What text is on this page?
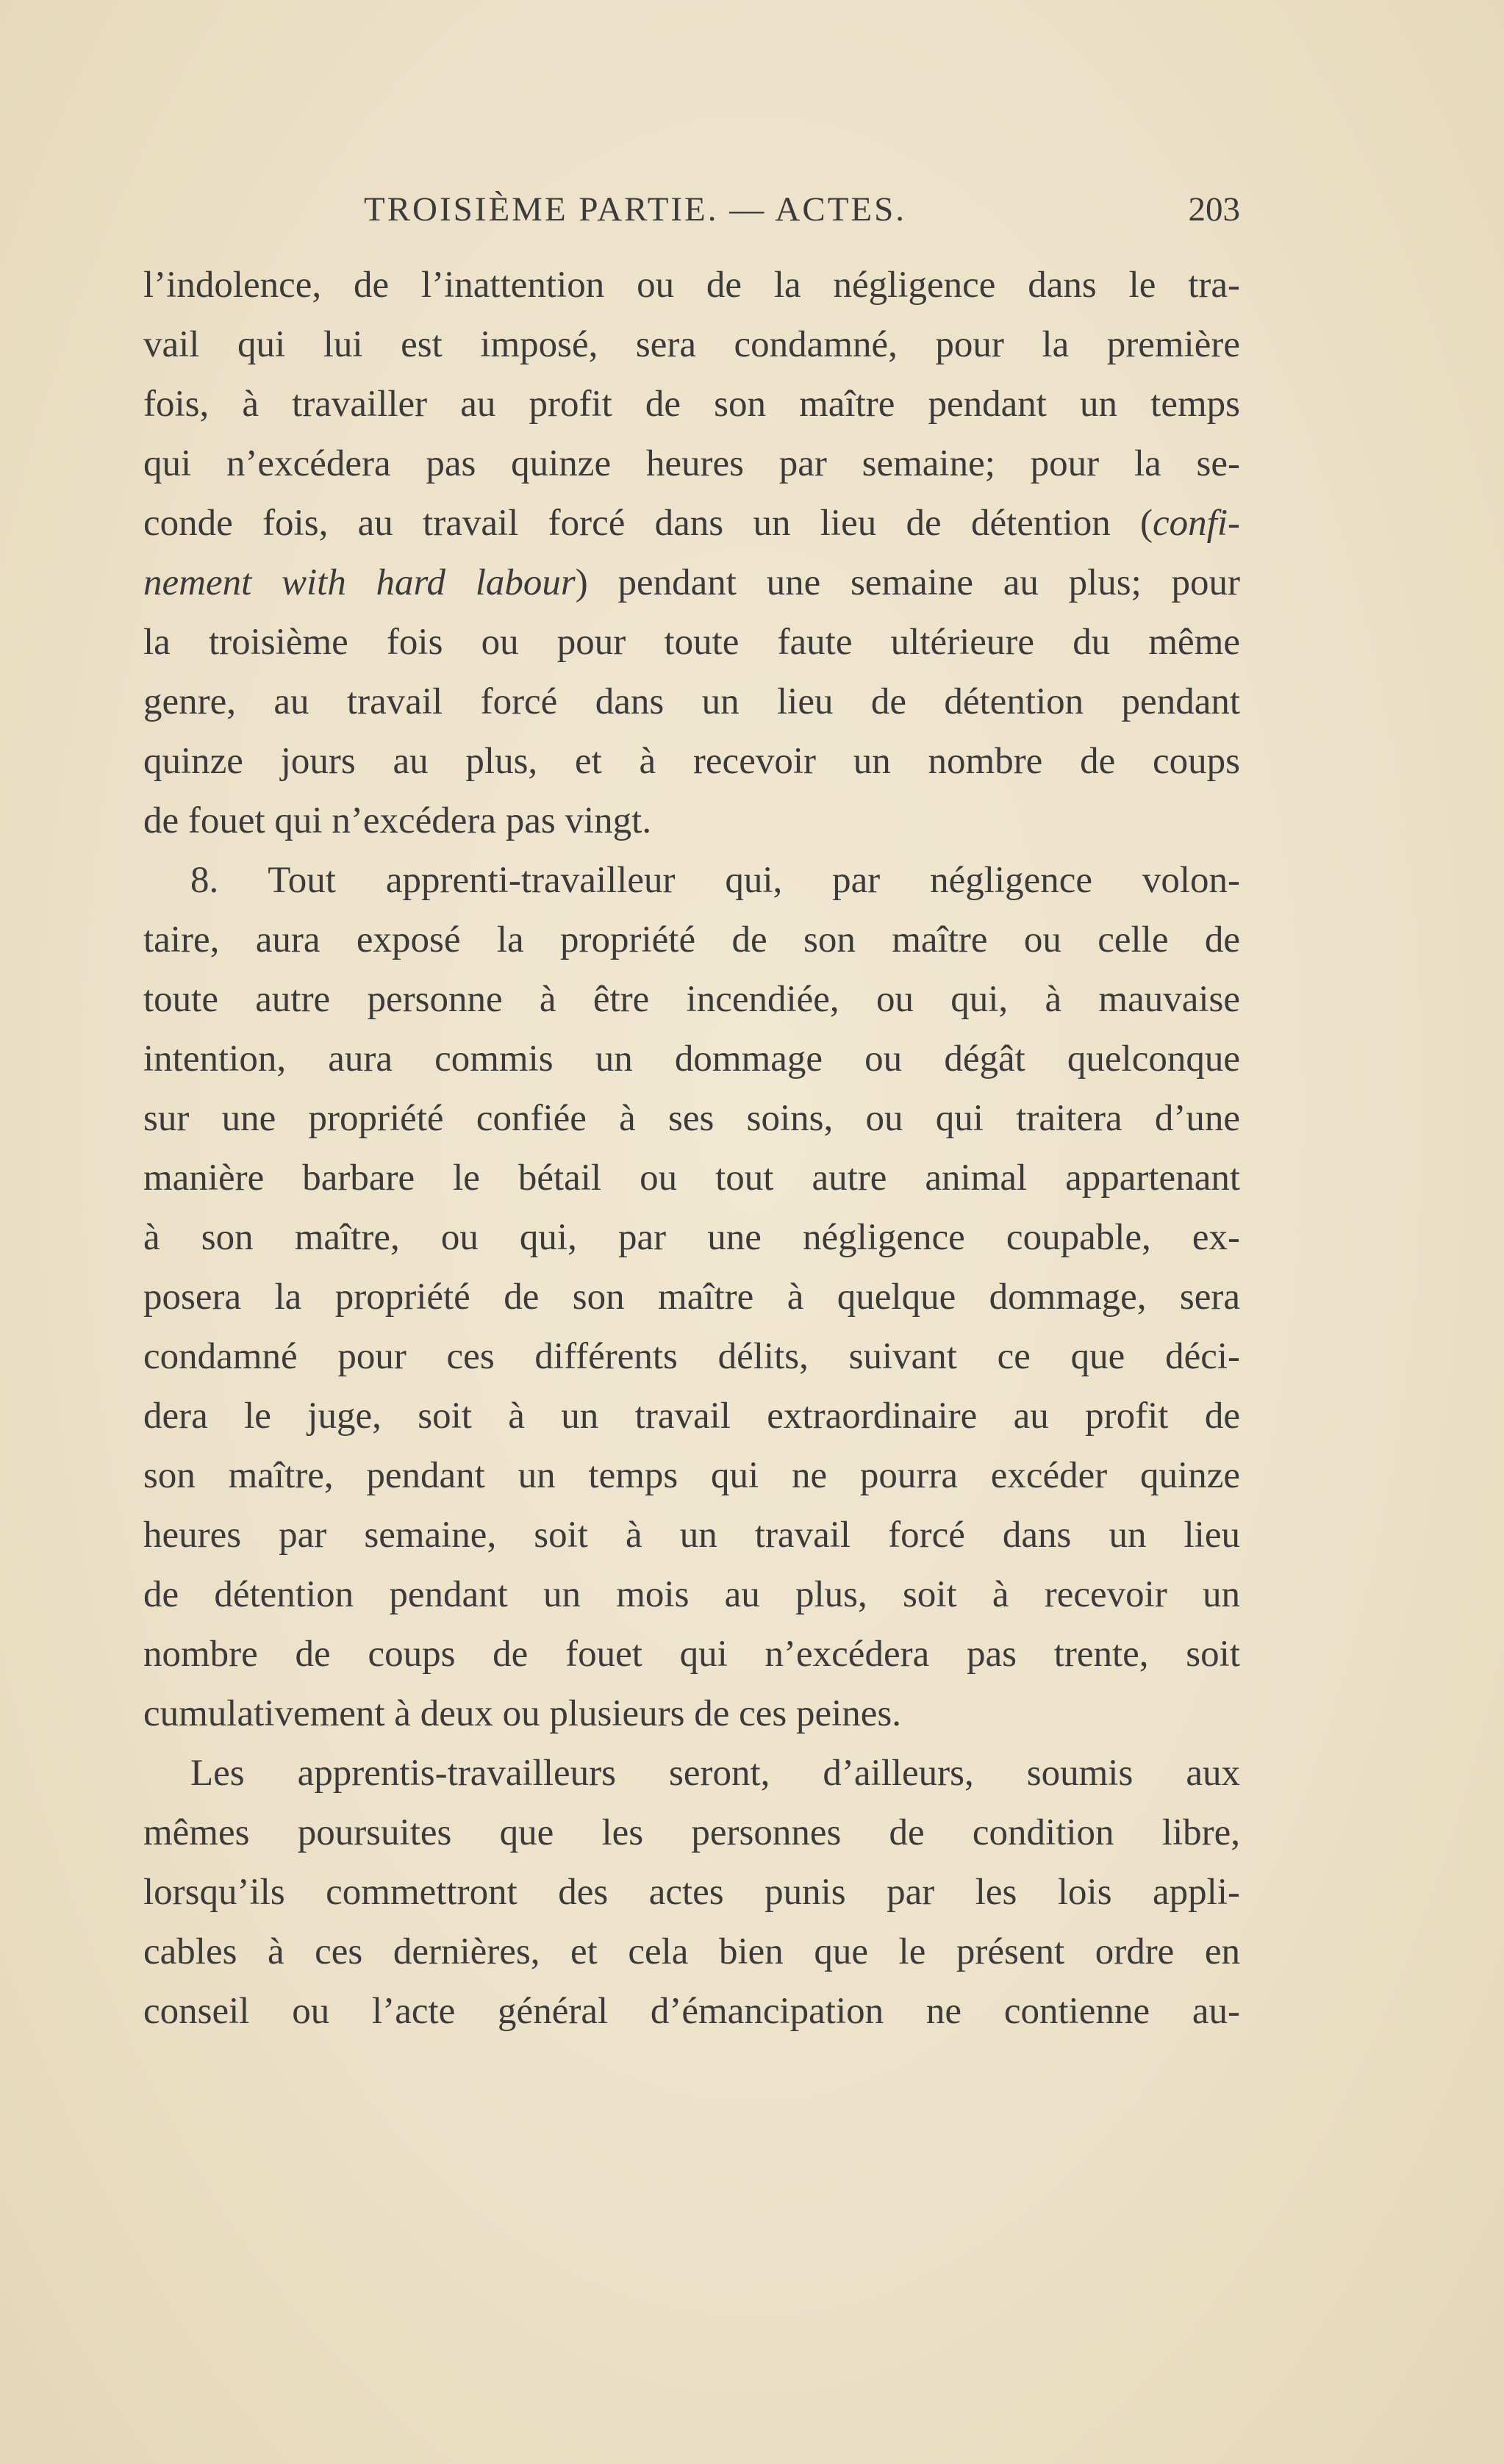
TROISIÈME PARTIE. — ACTES.	203
l’indolence, de l’inattention ou de la négligence dans le tra-
vail qui lui est imposé, sera condamné, pour la première
fois, à travailler au profit de son maître pendant un temps
qui n’excédera pas quinze heures par semaine; pour la se-
conde fois, au travail forcé dans un lieu de détention (confi-
nement with hard labour) pendant une semaine au plus; pour
la troisième fois ou pour toute faute ultérieure du même
genre, au travail forcé dans un lieu de détention pendant
quinze jours au plus, et à recevoir un nombre de coups
de fouet qui n’excédera pas vingt.
8. Tout apprenti-travailleur qui, par négligence volon-
taire, aura exposé la propriété de son maître ou celle de
toute autre personne à être incendiée, ou qui, à mauvaise
intention, aura commis un dommage ou dégât quelconque
sur une propriété confiée à ses soins, ou qui traitera d’une
manière barbare le bétail ou tout autre animal appartenant
à son maître, ou qui, par une négligence coupable, ex-
posera la propriété de son maître à quelque dommage, sera
condamné pour ces différents délits, suivant ce que déci-
dera le juge, soit à un travail extraordinaire au profit de
son maître, pendant un temps qui ne pourra excéder quinze
heures par semaine, soit à un travail forcé dans un lieu
de détention pendant un mois au plus, soit à recevoir un
nombre de coups de fouet qui n’excédera pas trente, soit
cumulativement à deux ou plusieurs de ces peines.
Les apprentis-travailleurs seront, d’ailleurs, soumis aux
mêmes poursuites que les personnes de condition libre,
lorsqu’ils commettront des actes punis par les lois appli-
cables à ces dernières, et cela bien que le présent ordre en
conseil ou l’acte général d’émancipation ne contienne au-
